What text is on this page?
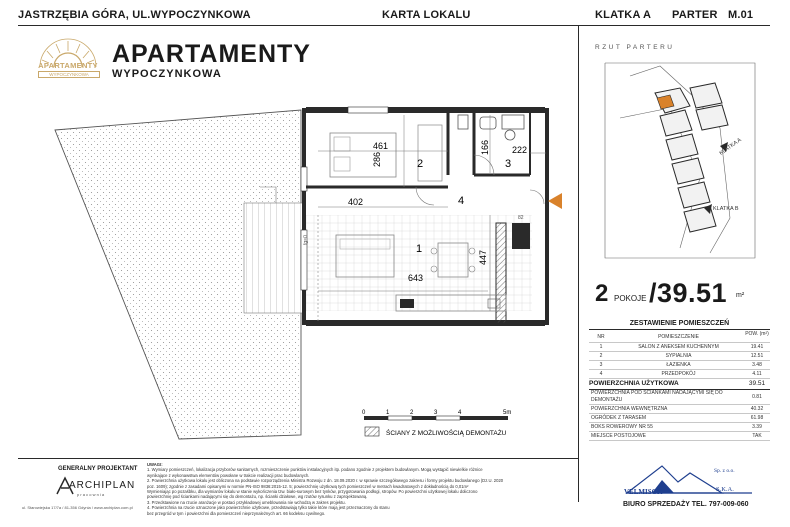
JASTRZĘBIA GÓRA, UL.WYPOCZYNKOWA	KARTA LOKALU	KLATKA A PARTER M.01
APARTAMENTY
WYPOCZYNKOWA
APARTAMENTY
WYPOCZYNKOWA
1
2	3
4
461
286
402
643
447
166 222
fg=0
82
0	1	2	3	4	5m
ŚCIANY Z MOŻLIWOŚCIĄ DEMONTAŻU
RZUT PARTERU
KLATKA A
KLATKA B
2 POKOJE /39.51 m²
ZESTAWIENIE POMIESZCZEŃ
NR	POMIESZCZENIE	POW. (m²)
1	SALON Z ANEKSEM KUCHENNYM	19.41
2	SYPIALNIA	12.51
3	ŁAZIENKA	3.48
4	PRZEDPOKÓJ	4.11
POWIERZCHNIA UŻYTKOWA	39.51
POWIERZCHNIA POD ŚCIANKAMI NADAJĄCYMI SIĘ DO DEMONTAŻU	0.81
POWIERZCHNIA WEWNĘTRZNA	40.32
OGRÓDEK Z TARASEM	61.98
BOKS ROWEROWY NR 55	3.39
MIEJSCE POSTOJOWE	TAK
GENERALNY PROJEKTANT
ARCHIPLAN
p r a c o w n i a
ul. Starowiejska 17/7a / 81-356 Gdynia / www.archiplan.com.pl
UWAGI:
1. Wymiary pomieszczeń, lokalizacja przyborów sanitarnych, rozmieszczenie punktów instalacyjnych itp. podano zgodnie z projektem budowlanym. Mogą wystąpić niewielkie różnice
wynikające z wykonawstwa elementów powołane w trakcie realizacji prac budowlanych.
2. Powierzchnia użytkowa lokalu jest obliczona na podstawie rozporządzenia Ministra Rozwoju z dn. 18.09.2020 r. w sprawie szczegółowego zakresu i formy projektu budowlanego (Dz.U. 2020
poz. 1609); zgodnie z zasadami opisanymi w normie PN-ISO 9836:2015-12. 5; powierzchnię użytkową tych pomieszczeń w metrach kwadratowych z dokładnością do 0,01m²
Wymieniając po pozaśbku, dla wymiarów lokalu w stanie wykończenia tzw. biało-surowym bez tynków, przygotowania podłogi, stropów. Po powierzchni użytkowej lokalu doliczono
powierzchnię pod ściankami nadającymi się do demontażu, np. ścianki działowe, wg rzutów rysunku z zaprojektowaną.
3. Przedstawione na rzucie aranżacje w postaci przykładowej umeblowania nie wchodzą w zakres projektu.
4. Powierzchnia na rzucie oznaczone jako powierzchnie użytkowe, przedstawiają tylko takie które mają jest przeznaczony do stanu
bez przegród w tym i powierzchni dla pomieszczeń nieprzynależnych art. 66 kodeksu cywilnego.
VELMISGK
Sp. z o.o.
S.K.A.
BIURO SPRZEDAŻY TEL. 797-009-060
